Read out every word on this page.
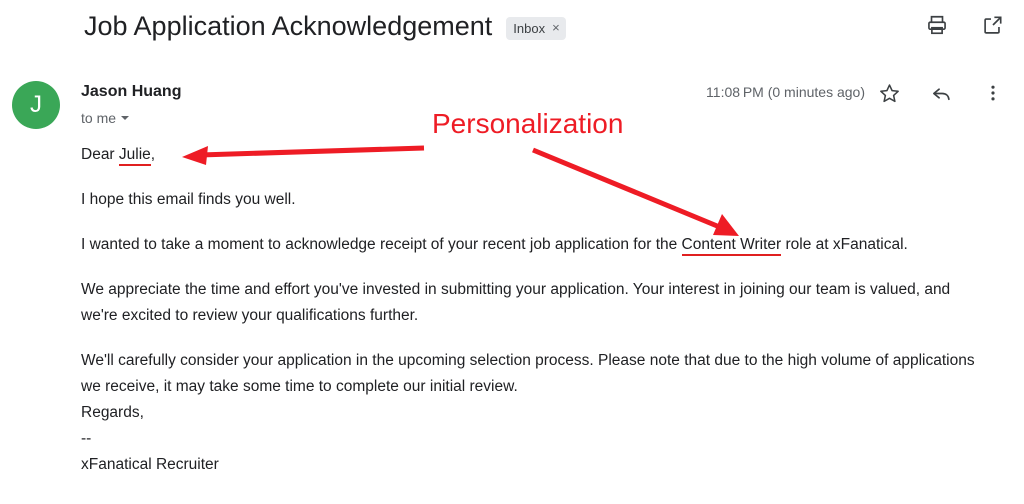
Job Application Acknowledgement Inbox ×
J	Jason Huang
to me
11:08 PM (0 minutes ago)

Dear Julie,

I hope this email finds you well.

I wanted to take a moment to acknowledge receipt of your recent job application for the Content Writer role at xFanatical.

We appreciate the time and effort you've invested in submitting your application. Your interest in joining our team is valued, and we're excited to review your qualifications further.

We'll carefully consider your application in the upcoming selection process. Please note that due to the high volume of applications we receive, it may take some time to complete our initial review.

Regards,

--

xFanatical Recruiter

Personalization
